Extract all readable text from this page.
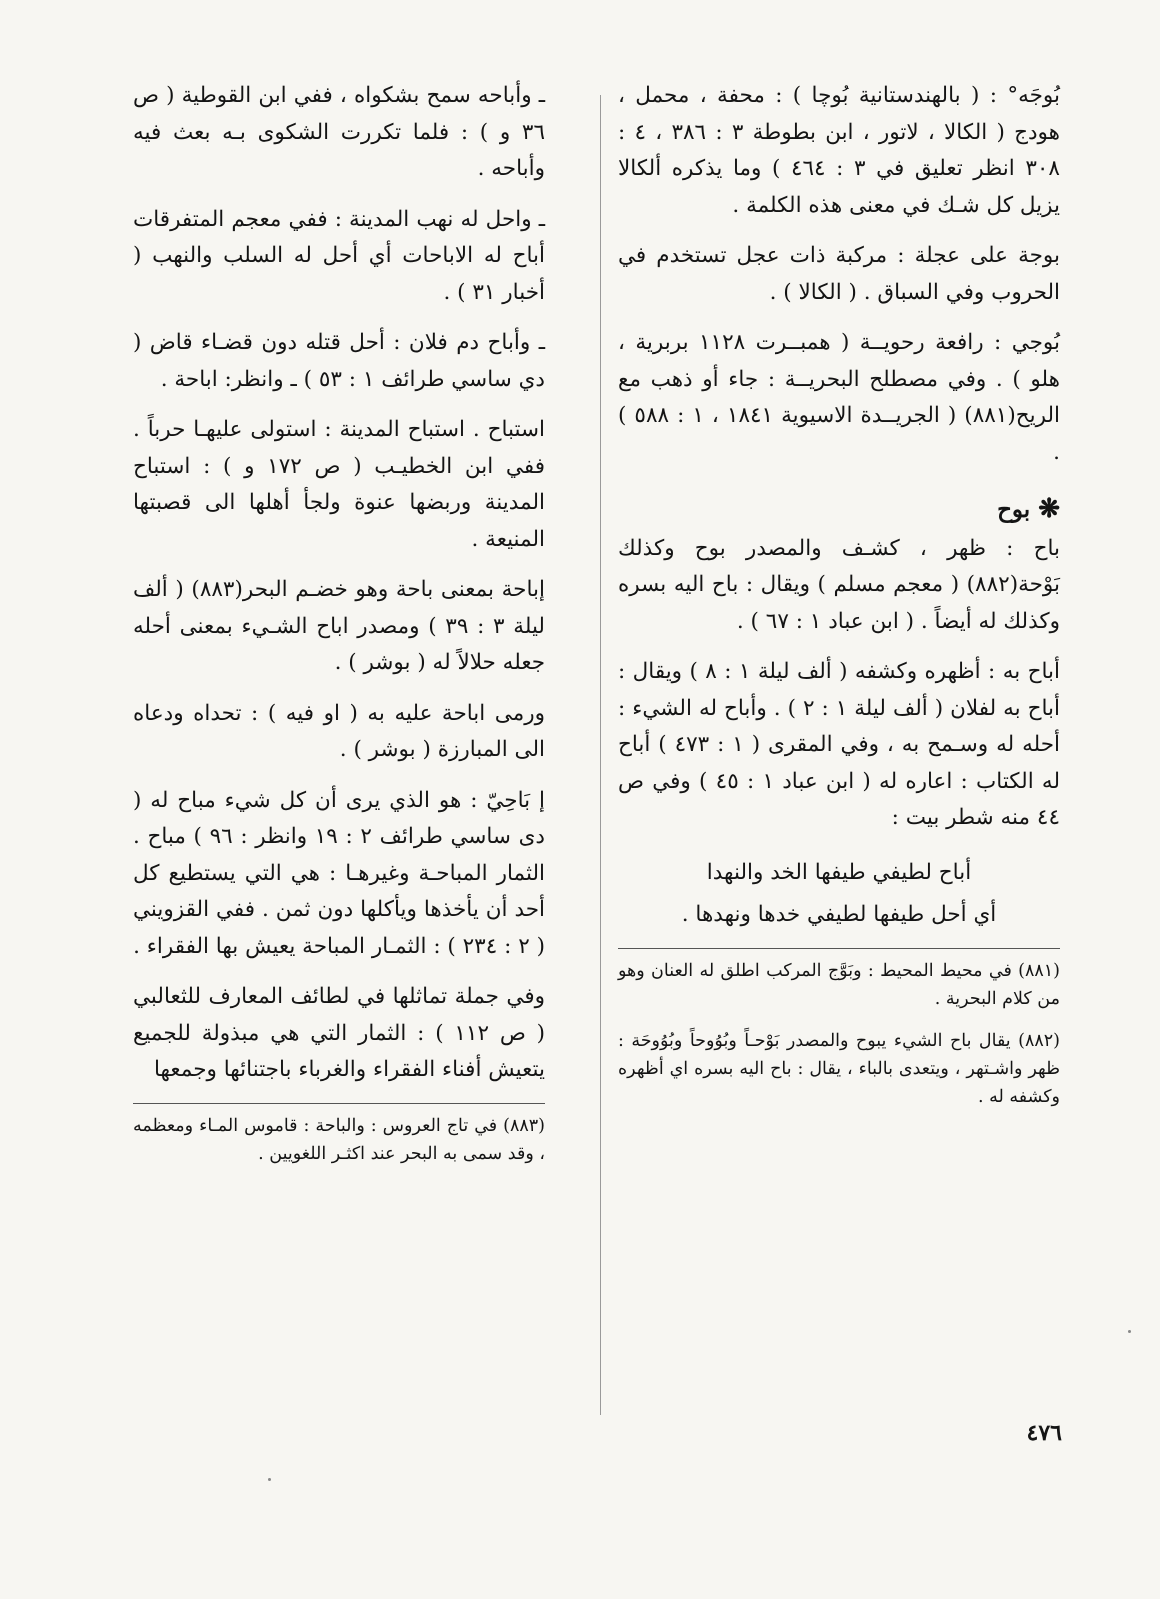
بُوجَه° : ( بالهندستانية بُوچا ) : محفة ، محمل ، هودج ( الكالا ، لاتور ، ابن بطوطة ٣ : ٣٨٦ ، ٤ : ٣٠٨ انظر تعليق في ٣ : ٤٦٤ ) وما يذكره ألكالا يزيل كل شـك في معنى هذه الكلمة .

بوجة على عجلة : مركبة ذات عجل تستخدم في الحروب وفي السباق . ( الكالا ) .

بُوجي : رافعة رحويــة ( همبــرت ١١٢٨ بربرية ، هلو ) . وفي مصطلح البحريــة : جاء أو ذهب مع الريح(٨٨١) ( الجريــدة الاسيوية ١٨٤١ ، ١ : ٥٨٨ ) .

❋بوح

باح : ظهر ، كشـف والمصدر بوح وكذلك بَوْحة(٨٨٢) ( معجم مسلم ) ويقال : باح اليه بسره وكذلك له أيضاً . ( ابن عباد ١ : ٦٧ ) .

أباح به : أظهره وكشفه ( ألف ليلة ١ : ٨ ) ويقال : أباح به لفلان ( ألف ليلة ١ : ٢ ) . وأباح له الشيء : أحله له وسـمح به ، وفي المقرى ( ١ : ٤٧٣ ) أباح له الكتاب : اعاره له ( ابن عباد ١ : ٤٥ ) وفي ص ٤٤ منه شطر بيت :

أباح لطيفي طيفها الخد والنهدا
أي أحل طيفها لطيفي خدها ونهدها .

(٨٨١) في محيط المحيط : وبَوَّج المركب اطلق له العنان وهو من كلام البحرية .

(٨٨٢) يقال باح الشيء يبوح والمصدر بَوْحـاً وبُوُوحاً وبُوُوحَة : ظهر واشـتهر ، ويتعدى بالباء ، يقال : باح اليه بسره اي أظهره وكشفه له .

ـ وأباحه سمح بشكواه ، ففي ابن القوطية ( ص ٣٦ و ) : فلما تكررت الشكوى بـه بعث فيه وأباحه .

ـ واحل له نهب المدينة : ففي معجم المتفرقات أباح له الاباحات أي أحل له السلب والنهب ( أخبار ٣١ ) .

ـ وأباح دم فلان : أحل قتله دون قضـاء قاض ( دي ساسي طرائف ١ : ٥٣ ) ـ وانظر: اباحة .

استباح . استباح المدينة : استولى عليهـا حرباً . ففي ابن الخطيـب ( ص ١٧٢ و ) : استباح المدينة وربضها عنوة ولجأ أهلها الى قصبتها المنيعة .

إباحة بمعنى باحة وهو خضـم البحر(٨٨٣) ( ألف ليلة ٣ : ٣٩ ) ومصدر اباح الشـيء بمعنى أحله جعله حلالاً له ( بوشر ) .

ورمى اباحة عليه به ( او فيه ) : تحداه ودعاه الى المبارزة ( بوشر ) .

إ بَاحِيّ : هو الذي يرى أن كل شيء مباح له ( دى ساسي طرائف ٢ : ١٩ وانظر : ٩٦ ) مباح . الثمار المباحـة وغيرهـا : هي التي يستطيع كل أحد أن يأخذها ويأكلها دون ثمن . ففي القزويني ( ٢ : ٢٣٤ ) : الثمـار المباحة يعيش بها الفقراء .

وفي جملة تماثلها في لطائف المعارف للثعالبي ( ص ١١٢ ) : الثمار التي هي مبذولة للجميع يتعيش أفناء الفقراء والغرباء باجتنائها وجمعها

(٨٨٣) في تاج العروس : والباحة : قاموس المـاء ومعظمه ، وقد سمى به البحر عند اكثـر اللغويين .

٤٧٦
